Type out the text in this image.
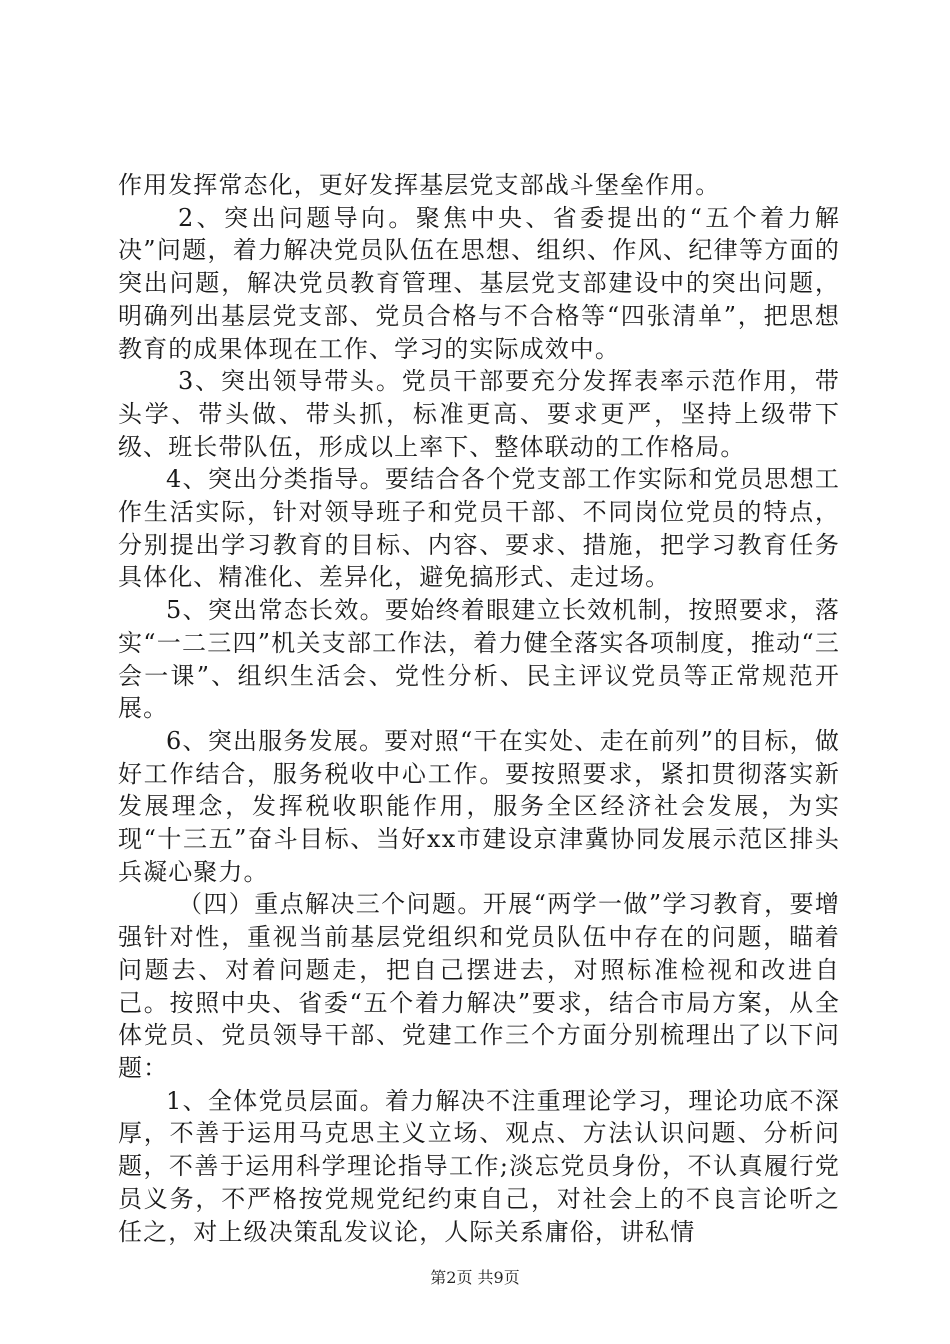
作用发挥常态化，更好发挥基层党支部战斗堡垒作用。

2、突出问题导向。聚焦中央、省委提出的“五个着力解决”问题，着力解决党员队伍在思想、组织、作风、纪律等方面的突出问题，解决党员教育管理、基层党支部建设中的突出问题，明确列出基层党支部、党员合格与不合格等“四张清单”，把思想教育的成果体现在工作、学习的实际成效中。

3、突出领导带头。党员干部要充分发挥表率示范作用，带头学、带头做、带头抓，标准更高、要求更严，坚持上级带下级、班长带队伍，形成以上率下、整体联动的工作格局。

4、突出分类指导。要结合各个党支部工作实际和党员思想工作生活实际，针对领导班子和党员干部、不同岗位党员的特点，分别提出学习教育的目标、内容、要求、措施，把学习教育任务具体化、精准化、差异化，避免搞形式、走过场。

5、突出常态长效。要始终着眼建立长效机制，按照要求，落实“一二三四”机关支部工作法，着力健全落实各项制度，推动“三会一课”、组织生活会、党性分析、民主评议党员等正常规范开展。

6、突出服务发展。要对照“干在实处、走在前列”的目标，做好工作结合，服务税收中心工作。要按照要求，紧扣贯彻落实新发展理念，发挥税收职能作用，服务全区经济社会发展，为实现“十三五”奋斗目标、当好xx市建设京津冀协同发展示范区排头兵凝心聚力。

（四）重点解决三个问题。开展“两学一做”学习教育，要增强针对性，重视当前基层党组织和党员队伍中存在的问题，瞄着问题去、对着问题走，把自己摆进去，对照标准检视和改进自己。按照中央、省委“五个着力解决”要求，结合市局方案，从全体党员、党员领导干部、党建工作三个方面分别梳理出了以下问题：

1、全体党员层面。着力解决不注重理论学习，理论功底不深厚，不善于运用马克思主义立场、观点、方法认识问题、分析问题，不善于运用科学理论指导工作;淡忘党员身份，不认真履行党员义务，不严格按党规党纪约束自己，对社会上的不良言论听之任之，对上级决策乱发议论，人际关系庸俗，讲私情

第2页 共9页
